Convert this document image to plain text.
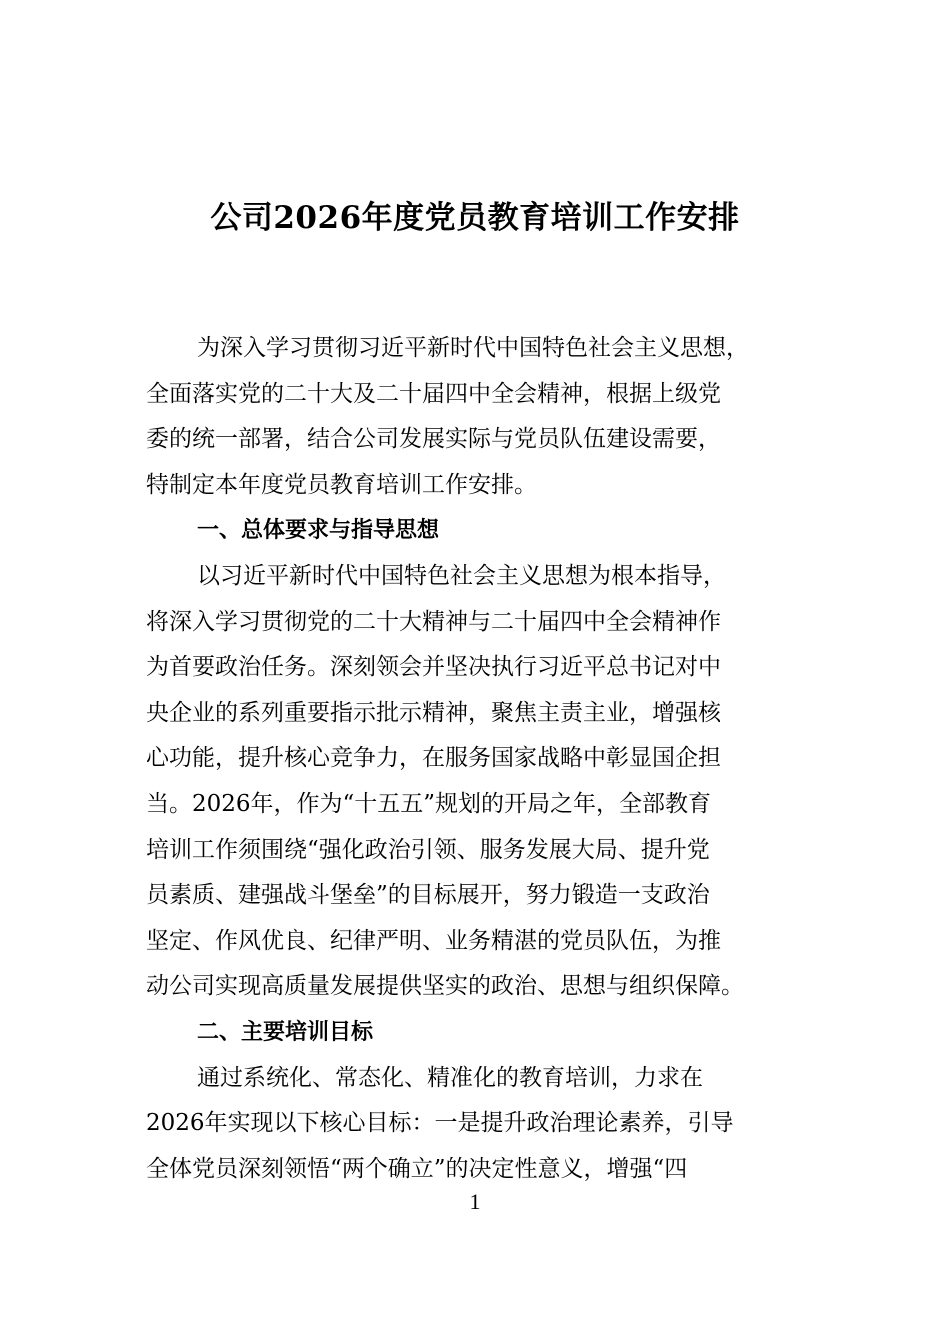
公司2026年度党员教育培训工作安排
为深入学习贯彻习近平新时代中国特色社会主义思想，
全面落实党的二十大及二十届四中全会精神，根据上级党
委的统一部署，结合公司发展实际与党员队伍建设需要，
特制定本年度党员教育培训工作安排。
一、总体要求与指导思想
以习近平新时代中国特色社会主义思想为根本指导，
将深入学习贯彻党的二十大精神与二十届四中全会精神作
为首要政治任务。深刻领会并坚决执行习近平总书记对中
央企业的系列重要指示批示精神，聚焦主责主业，增强核
心功能，提升核心竞争力，在服务国家战略中彰显国企担
当。2026年，作为“十五五”规划的开局之年，全部教育
培训工作须围绕“强化政治引领、服务发展大局、提升党
员素质、建强战斗堡垒”的目标展开，努力锻造一支政治
坚定、作风优良、纪律严明、业务精湛的党员队伍，为推
动公司实现高质量发展提供坚实的政治、思想与组织保障。
二、主要培训目标
通过系统化、常态化、精准化的教育培训，力求在
2026年实现以下核心目标：一是提升政治理论素养，引导
全体党员深刻领悟“两个确立”的决定性意义，增强“四
1
